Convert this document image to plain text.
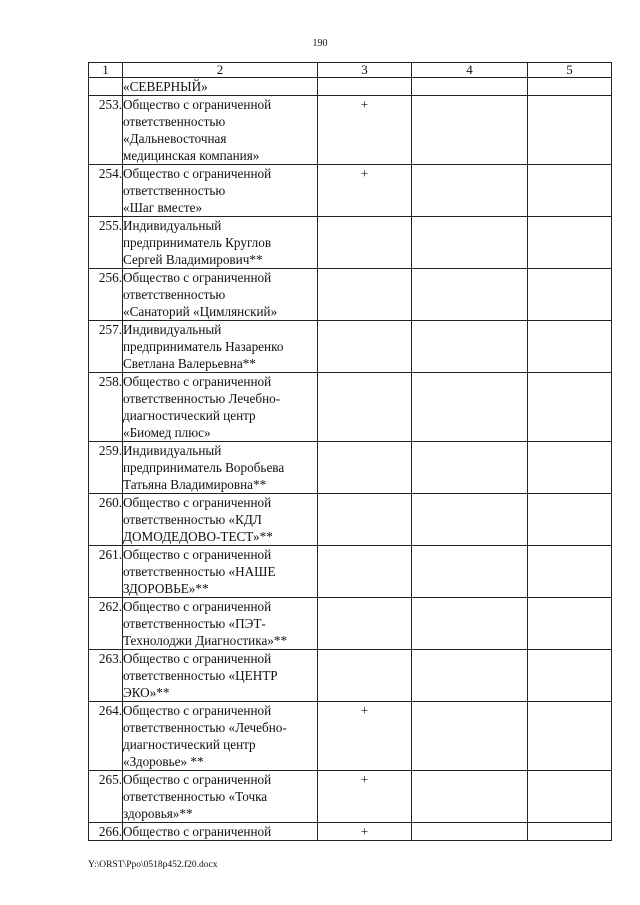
190
1	2	3	4	5

	«СЕВЕРНЫЙ»			

253.	Общество с ограниченной
ответственностью
«Дальневосточная
медицинская компания»	+		
254.	Общество с ограниченной
ответственностью
«Шаг вместе»	+		
255.	Индивидуальный
предприниматель Круглов
Сергей Владимирович**			

256.	Общество с ограниченной
ответственностью
«Санаторий «Цимлянский»			

257.	Индивидуальный
предприниматель Назаренко
Светлана Валерьевна**			

258.	Общество с ограниченной
ответственностью Лечебно-
диагностический центр
«Биомед плюс»			

259.	Индивидуальный
предприниматель Воробьева
Татьяна Владимировна**			

260.	Общество с ограниченной
ответственностью «КДЛ
ДОМОДЕДОВО-ТЕСТ»**			

261.	Общество с ограниченной
ответственностью «НАШЕ
ЗДОРОВЬЕ»**			

262.	Общество с ограниченной
ответственностью «ПЭТ-
Технолоджи Диагностика»**			

263.	Общество с ограниченной
ответственностью «ЦЕНТР
ЭКО»**			

264.	Общество с ограниченной
ответственностью «Лечебно-
диагностический центр
«Здоровье» **	+		
265.	Общество с ограниченной
ответственностью «Точка
здоровья»**	+		
266.	Общество с ограниченной	+		
Y:\ORST\Ppo\0518p452.f20.docx
